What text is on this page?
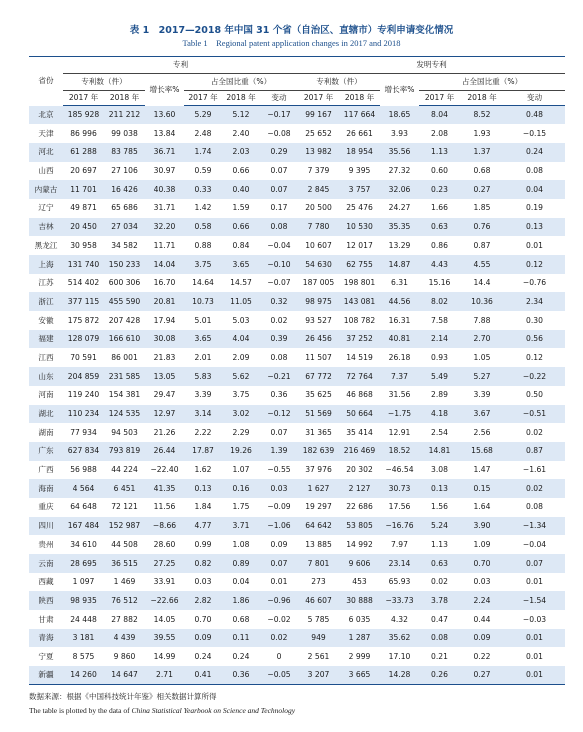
表 1　2017—2018 年中国 31 个省（自治区、直辖市）专利申请变化情况
Table 1　Regional patent application changes in 2017 and 2018
省份	专利						发明专利					
	专利数（件）		增长率%	占全国比重（%）			专利数（件）		增长率%	占全国比重（%）		
	2017 年	2018 年		2017 年	2018 年	变动	2017 年	2018 年		2017 年	2018 年	变动
北京	185 928	211 212	13.60	5.29	5.12	−0.17	99 167	117 664	18.65	8.04	8.52	0.48
天津	86 996	99 038	13.84	2.48	2.40	−0.08	25 652	26 661	3.93	2.08	1.93	−0.15
河北	61 288	83 785	36.71	1.74	2.03	0.29	13 982	18 954	35.56	1.13	1.37	0.24
山西	20 697	27 106	30.97	0.59	0.66	0.07	7 379	9 395	27.32	0.60	0.68	0.08
内蒙古	11 701	16 426	40.38	0.33	0.40	0.07	2 845	3 757	32.06	0.23	0.27	0.04
辽宁	49 871	65 686	31.71	1.42	1.59	0.17	20 500	25 476	24.27	1.66	1.85	0.19
吉林	20 450	27 034	32.20	0.58	0.66	0.08	7 780	10 530	35.35	0.63	0.76	0.13
黑龙江	30 958	34 582	11.71	0.88	0.84	−0.04	10 607	12 017	13.29	0.86	0.87	0.01
上海	131 740	150 233	14.04	3.75	3.65	−0.10	54 630	62 755	14.87	4.43	4.55	0.12
江苏	514 402	600 306	16.70	14.64	14.57	−0.07	187 005	198 801	6.31	15.16	14.4	−0.76
浙江	377 115	455 590	20.81	10.73	11.05	0.32	98 975	143 081	44.56	8.02	10.36	2.34
安徽	175 872	207 428	17.94	5.01	5.03	0.02	93 527	108 782	16.31	7.58	7.88	0.30
福建	128 079	166 610	30.08	3.65	4.04	0.39	26 456	37 252	40.81	2.14	2.70	0.56
江西	70 591	86 001	21.83	2.01	2.09	0.08	11 507	14 519	26.18	0.93	1.05	0.12
山东	204 859	231 585	13.05	5.83	5.62	−0.21	67 772	72 764	7.37	5.49	5.27	−0.22
河南	119 240	154 381	29.47	3.39	3.75	0.36	35 625	46 868	31.56	2.89	3.39	0.50
湖北	110 234	124 535	12.97	3.14	3.02	−0.12	51 569	50 664	−1.75	4.18	3.67	−0.51
湖南	77 934	94 503	21.26	2.22	2.29	0.07	31 365	35 414	12.91	2.54	2.56	0.02
广东	627 834	793 819	26.44	17.87	19.26	1.39	182 639	216 469	18.52	14.81	15.68	0.87
广西	56 988	44 224	−22.40	1.62	1.07	−0.55	37 976	20 302	−46.54	3.08	1.47	−1.61
海南	4 564	6 451	41.35	0.13	0.16	0.03	1 627	2 127	30.73	0.13	0.15	0.02
重庆	64 648	72 121	11.56	1.84	1.75	−0.09	19 297	22 686	17.56	1.56	1.64	0.08
四川	167 484	152 987	−8.66	4.77	3.71	−1.06	64 642	53 805	−16.76	5.24	3.90	−1.34
贵州	34 610	44 508	28.60	0.99	1.08	0.09	13 885	14 992	7.97	1.13	1.09	−0.04
云南	28 695	36 515	27.25	0.82	0.89	0.07	7 801	9 606	23.14	0.63	0.70	0.07
西藏	1 097	1 469	33.91	0.03	0.04	0.01	273	453	65.93	0.02	0.03	0.01
陕西	98 935	76 512	−22.66	2.82	1.86	−0.96	46 607	30 888	−33.73	3.78	2.24	−1.54
甘肃	24 448	27 882	14.05	0.70	0.68	−0.02	5 785	6 035	4.32	0.47	0.44	−0.03
青海	3 181	4 439	39.55	0.09	0.11	0.02	949	1 287	35.62	0.08	0.09	0.01
宁夏	8 575	9 860	14.99	0.24	0.24	0	2 561	2 999	17.10	0.21	0.22	0.01
新疆	14 260	14 647	2.71	0.41	0.36	−0.05	3 207	3 665	14.28	0.26	0.27	0.01
数据来源：根据《中国科技统计年鉴》相关数据计算所得
The table is plotted by the data of China Statistical Yearbook on Science and Technology
